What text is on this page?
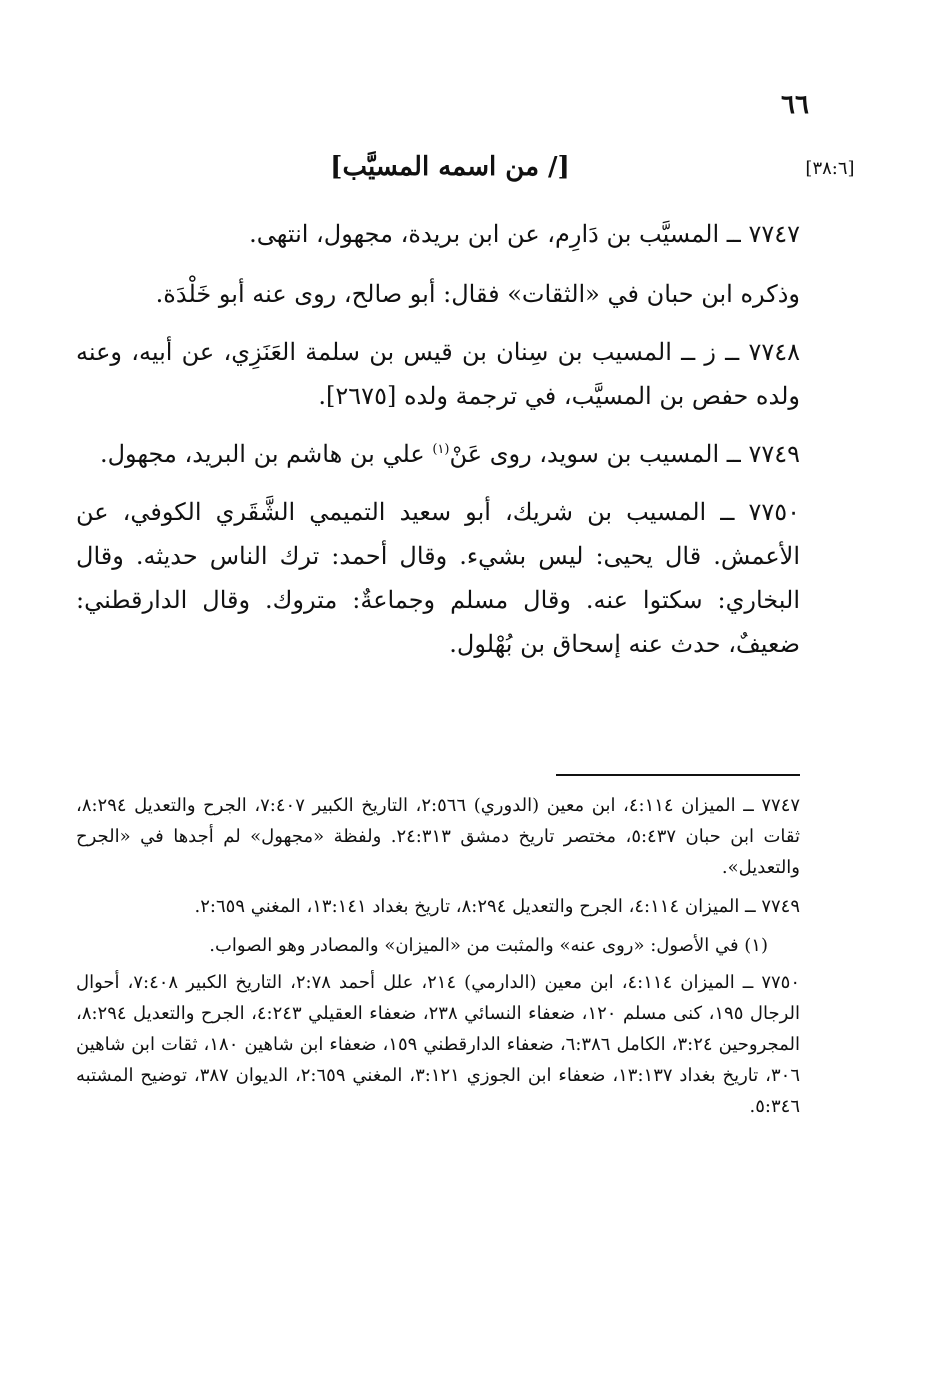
٦٦
[٣٨:٦]
[/ من اسمه المسيَّب]

٧٧٤٧ ــ المسيَّب بن دَارِم، عن ابن بريدة، مجهول، انتهى.

وذكره ابن حبان في «الثقات» فقال: أبو صالح، روى عنه أبو خَلْدَة.

٧٧٤٨ ــ ز ــ المسيب بن سِنان بن قيس بن سلمة العَنَزِي، عن أبيه، وعنه ولده حفص بن المسيَّب، في ترجمة ولده [٢٦٧٥].

٧٧٤٩ ــ المسيب بن سويد، روى عَنْ$^{(١)}$ علي بن هاشم بن البريد، مجهول.

٧٧٥٠ ــ المسيب بن شريك، أبو سعيد التميمي الشَّقَري الكوفي، عن الأعمش. قال يحيى: ليس بشيء. وقال أحمد: ترك الناس حديثه. وقال البخاري: سكتوا عنه. وقال مسلم وجماعةٌ: متروك. وقال الدارقطني: ضعيفٌ، حدث عنه إسحاق بن بُهْلول.

٧٧٤٧ ــ الميزان ٤:١١٤، ابن معين (الدوري) ٢:٥٦٦، التاريخ الكبير ٧:٤٠٧، الجرح والتعديل ٨:٢٩٤، ثقات ابن حبان ٥:٤٣٧، مختصر تاريخ دمشق ٢٤:٣١٣. ولفظة «مجهول» لم أجدها في «الجرح والتعديل».

٧٧٤٩ ــ الميزان ٤:١١٤، الجرح والتعديل ٨:٢٩٤، تاريخ بغداد ١٣:١٤١، المغني ٢:٦٥٩.

(١) في الأصول: «روى عنه» والمثبت من «الميزان» والمصادر وهو الصواب.

٧٧٥٠ ــ الميزان ٤:١١٤، ابن معين (الدارمي) ٢١٤، علل أحمد ٢:٧٨، التاريخ الكبير ٧:٤٠٨، أحوال الرجال ١٩٥، كنى مسلم ١٢٠، ضعفاء النسائي ٢٣٨، ضعفاء العقيلي ٤:٢٤٣، الجرح والتعديل ٨:٢٩٤، المجروحين ٣:٢٤، الكامل ٦:٣٨٦، ضعفاء الدارقطني ١٥٩، ضعفاء ابن شاهين ١٨٠، ثقات ابن شاهين ٣٠٦، تاريخ بغداد ١٣:١٣٧، ضعفاء ابن الجوزي ٣:١٢١، المغني ٢:٦٥٩، الديوان ٣٨٧، توضيح المشتبه ٥:٣٤٦.
